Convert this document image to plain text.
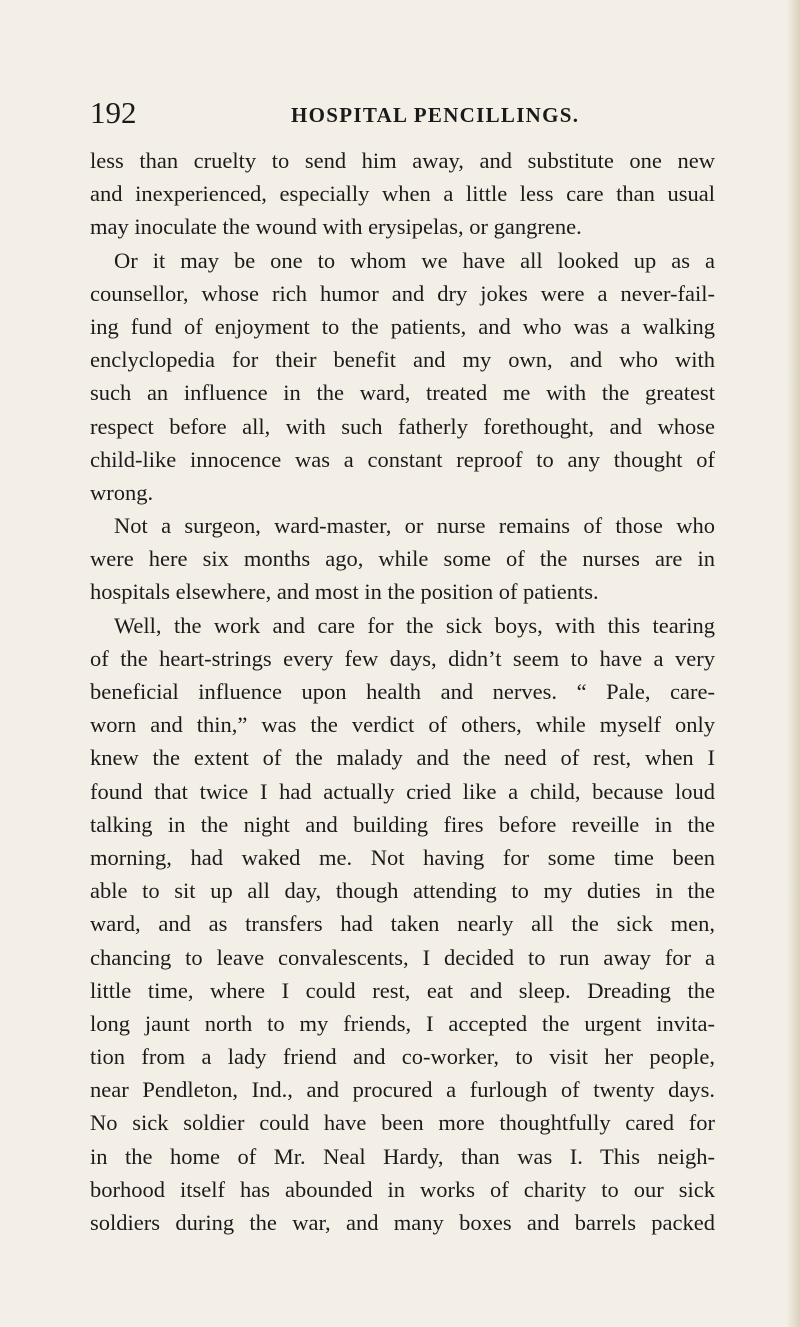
192	HOSPITAL PENCILLINGS.
less than cruelty to send him away, and substitute one new
and inexperienced, especially when a little less care than usual
may inoculate the wound with erysipelas, or gangrene.
Or it may be one to whom we have all looked up as a
counsellor, whose rich humor and dry jokes were a never-fail-
ing fund of enjoyment to the patients, and who was a walking
enclyclopedia for their benefit and my own, and who with
such an influence in the ward, treated me with the greatest
respect before all, with such fatherly forethought, and whose
child-like innocence was a constant reproof to any thought of
wrong.
Not a surgeon, ward-master, or nurse remains of those who
were here six months ago, while some of the nurses are in
hospitals elsewhere, and most in the position of patients.
Well, the work and care for the sick boys, with this tearing
of the heart-strings every few days, didn’t seem to have a very
beneficial influence upon health and nerves. “ Pale, care-
worn and thin,” was the verdict of others, while myself only
knew the extent of the malady and the need of rest, when I
found that twice I had actually cried like a child, because loud
talking in the night and building fires before reveille in the
morning, had waked me. Not having for some time been
able to sit up all day, though attending to my duties in the
ward, and as transfers had taken nearly all the sick men,
chancing to leave convalescents, I decided to run away for a
little time, where I could rest, eat and sleep. Dreading the
long jaunt north to my friends, I accepted the urgent invita-
tion from a lady friend and co-worker, to visit her people,
near Pendleton, Ind., and procured a furlough of twenty days.
No sick soldier could have been more thoughtfully cared for
in the home of Mr. Neal Hardy, than was I. This neigh-
borhood itself has abounded in works of charity to our sick
soldiers during the war, and many boxes and barrels packed
